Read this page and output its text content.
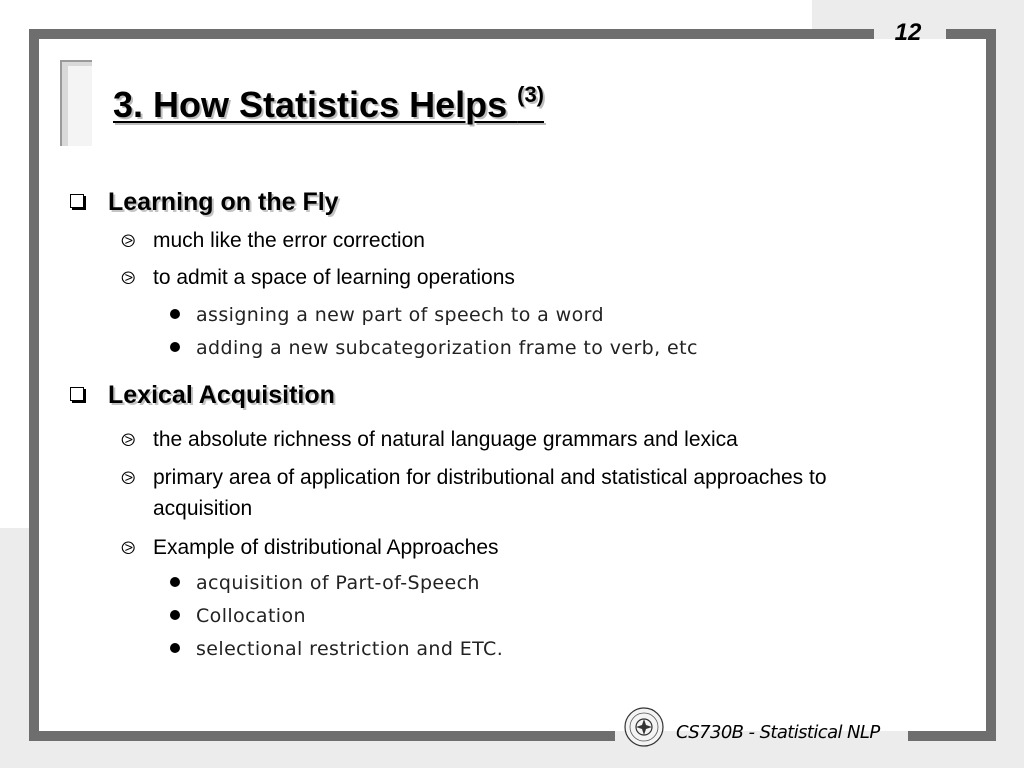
12
3. How Statistics Helps $^{(3)}$
Learning on the Fly
⧁ much like the error correction
⧁ to admit a space of learning operations
assigning a new part of speech to a word
adding a new subcategorization frame to verb, etc
Lexical Acquisition
⧁ the absolute richness of natural language grammars and lexica
⧁ primary area of application for distributional and statistical approaches to
acquisition
⧁ Example of distributional Approaches
acquisition of Part-of-Speech
Collocation
selectional restriction and ETC.
CS730B - Statistical NLP
